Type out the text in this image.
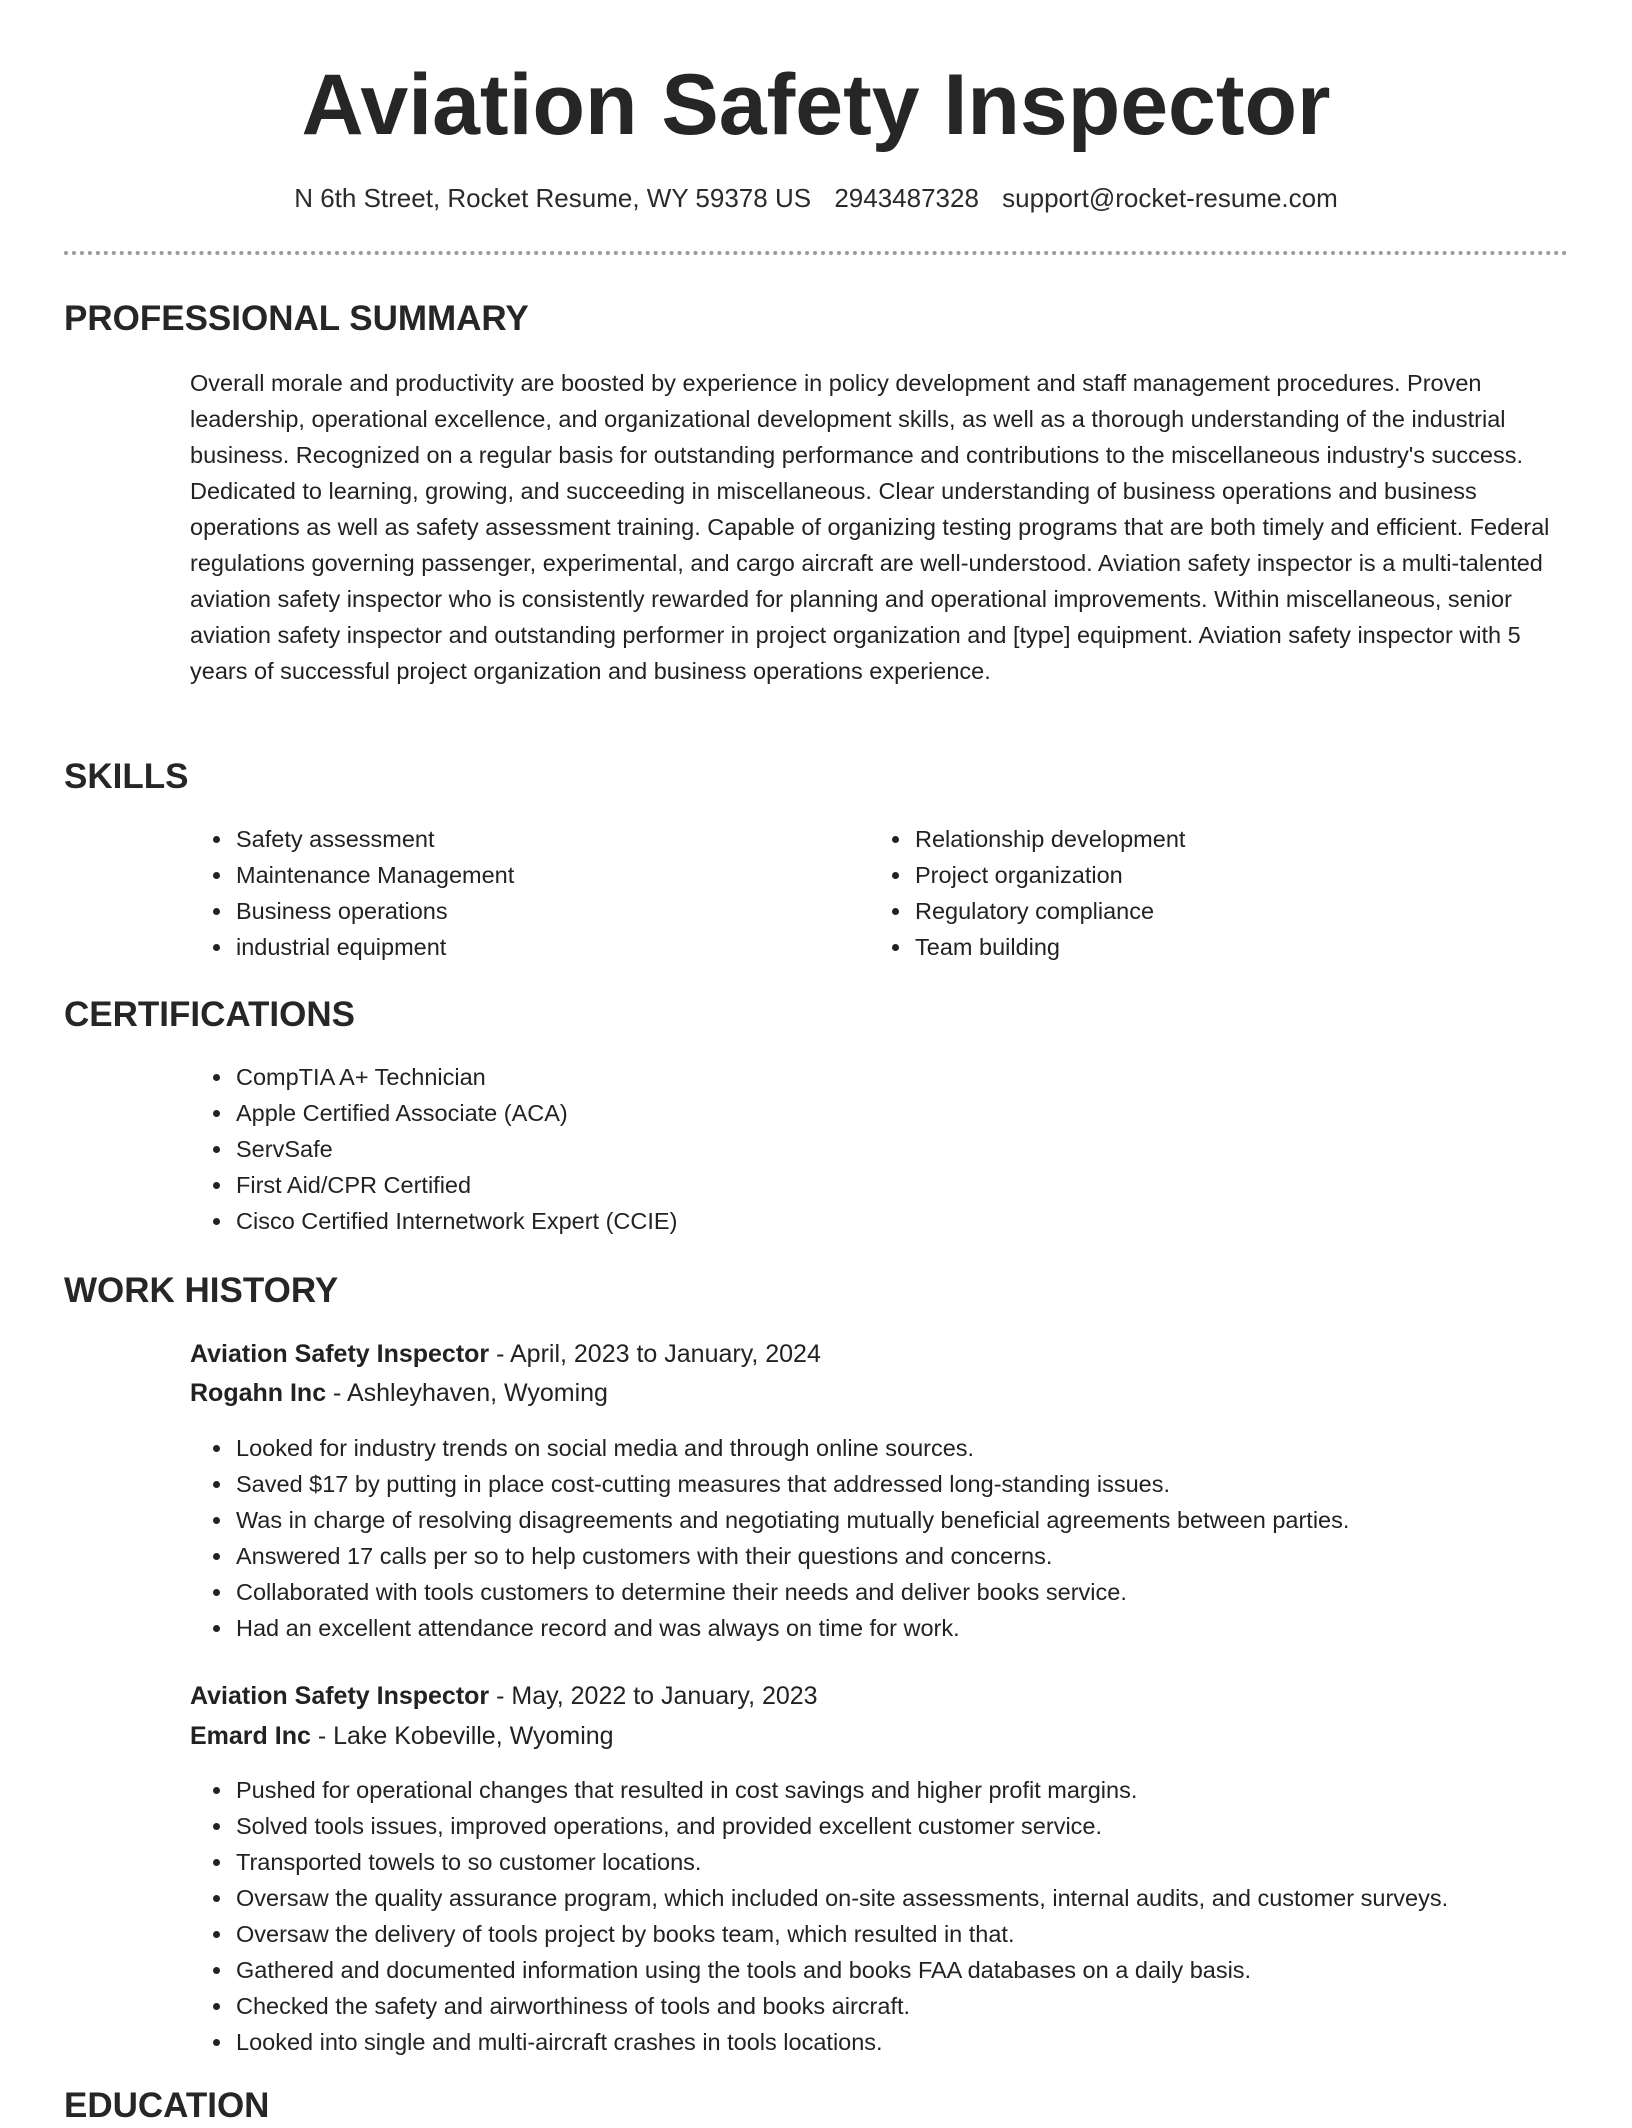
Aviation Safety Inspector
N 6th Street, Rocket Resume, WY 59378 US 2943487328 support@rocket-resume.com
PROFESSIONAL SUMMARY
Overall morale and productivity are boosted by experience in policy development and staff management procedures. Proven leadership, operational excellence, and organizational development skills, as well as a thorough understanding of the industrial business. Recognized on a regular basis for outstanding performance and contributions to the miscellaneous industry's success. Dedicated to learning, growing, and succeeding in miscellaneous. Clear understanding of business operations and business operations as well as safety assessment training. Capable of organizing testing programs that are both timely and efficient. Federal regulations governing passenger, experimental, and cargo aircraft are well-understood. Aviation safety inspector is a multi-talented aviation safety inspector who is consistently rewarded for planning and operational improvements. Within miscellaneous, senior aviation safety inspector and outstanding performer in project organization and [type] equipment. Aviation safety inspector with 5 years of successful project organization and business operations experience.
SKILLS
• Safety assessment
• Maintenance Management
• Business operations
• industrial equipment
• Relationship development
• Project organization
• Regulatory compliance
• Team building
CERTIFICATIONS
• CompTIA A+ Technician
• Apple Certified Associate (ACA)
• ServSafe
• First Aid/CPR Certified
• Cisco Certified Internetwork Expert (CCIE)
WORK HISTORY
Aviation Safety Inspector - April, 2023 to January, 2024
Rogahn Inc - Ashleyhaven, Wyoming
• Looked for industry trends on social media and through online sources.
• Saved $17 by putting in place cost-cutting measures that addressed long-standing issues.
• Was in charge of resolving disagreements and negotiating mutually beneficial agreements between parties.
• Answered 17 calls per so to help customers with their questions and concerns.
• Collaborated with tools customers to determine their needs and deliver books service.
• Had an excellent attendance record and was always on time for work.
Aviation Safety Inspector - May, 2022 to January, 2023
Emard Inc - Lake Kobeville, Wyoming
• Pushed for operational changes that resulted in cost savings and higher profit margins.
• Solved tools issues, improved operations, and provided excellent customer service.
• Transported towels to so customer locations.
• Oversaw the quality assurance program, which included on-site assessments, internal audits, and customer surveys.
• Oversaw the delivery of tools project by books team, which resulted in that.
• Gathered and documented information using the tools and books FAA databases on a daily basis.
• Checked the safety and airworthiness of tools and books aircraft.
• Looked into single and multi-aircraft crashes in tools locations.
EDUCATION
